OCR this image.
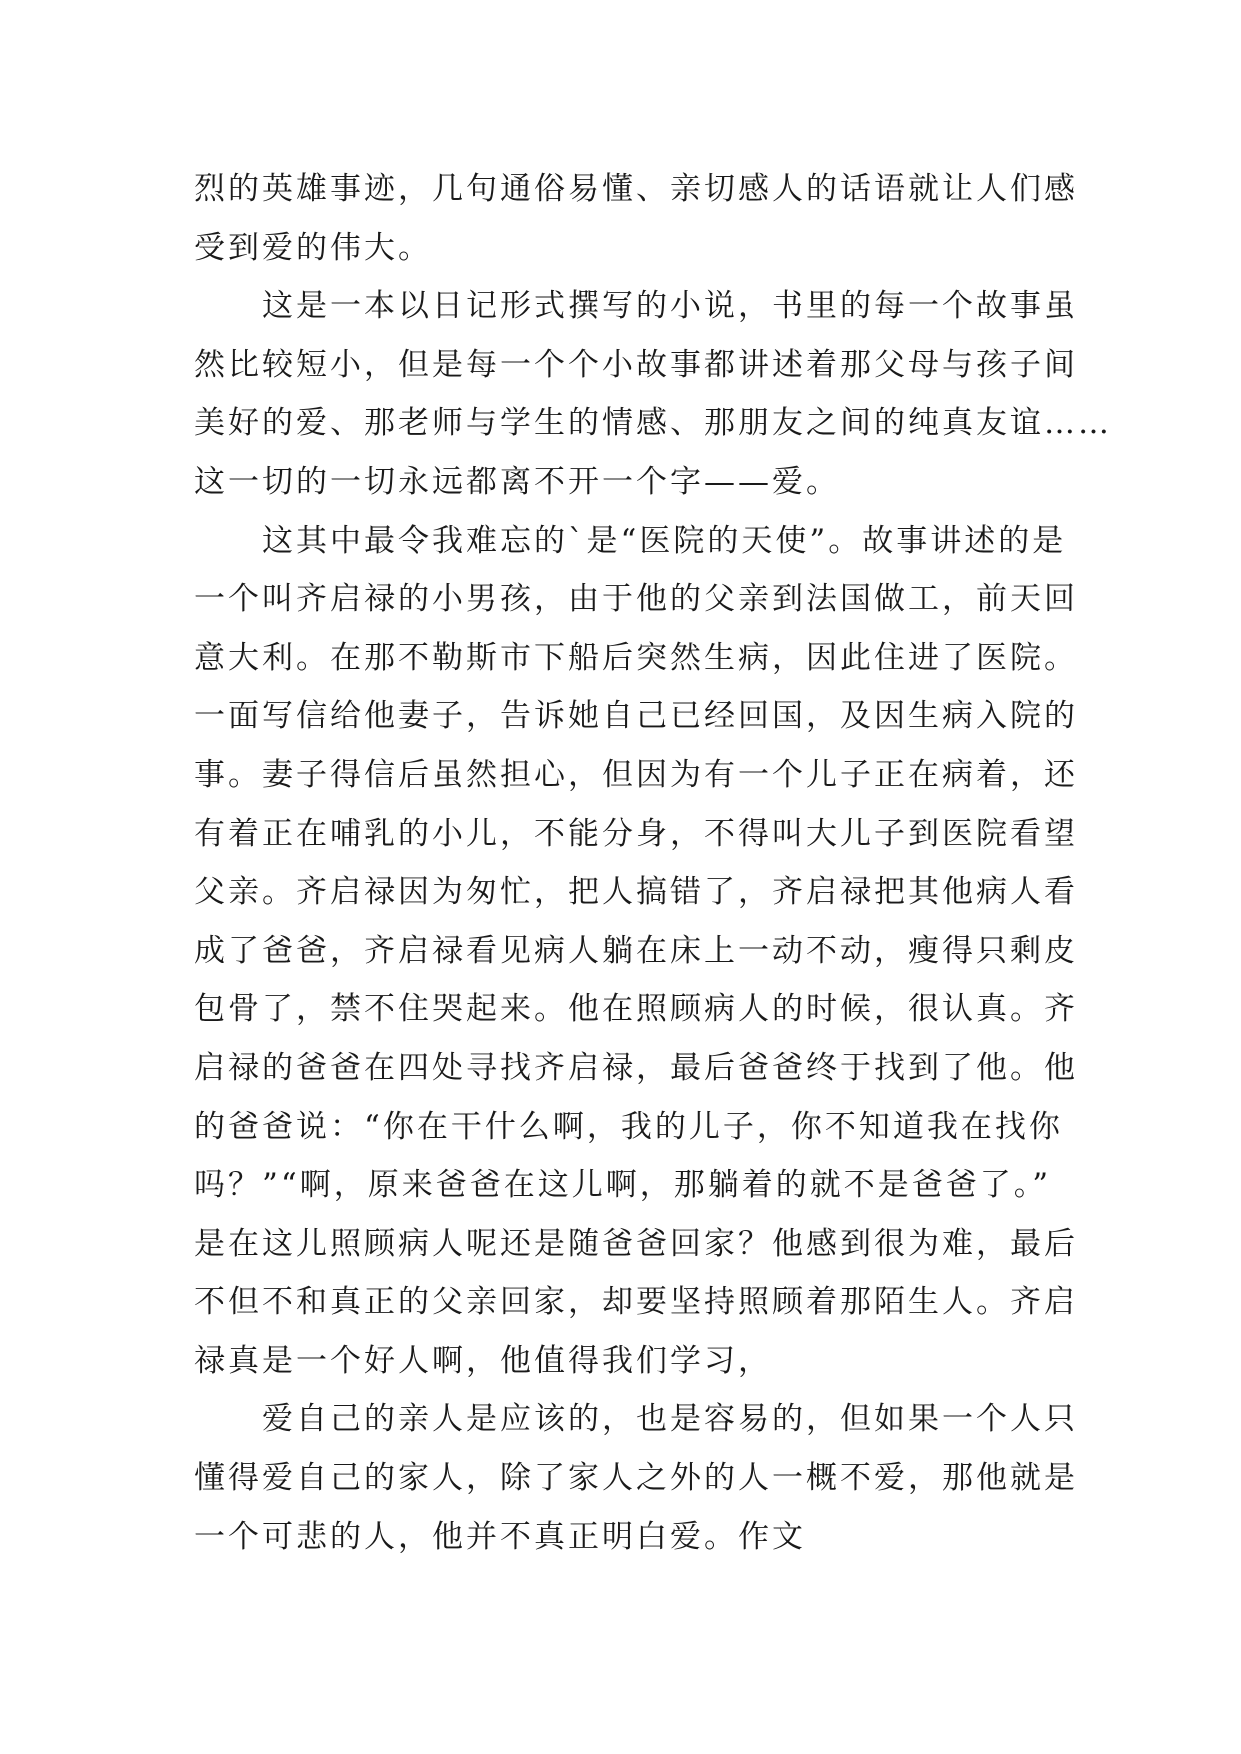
烈的英雄事迹，几句通俗易懂、亲切感人的话语就让人们感
受到爱的伟大。
这是一本以日记形式撰写的小说，书里的每一个故事虽
然比较短小，但是每一个个小故事都讲述着那父母与孩子间
美好的爱、那老师与学生的情感、那朋友之间的纯真友谊……
这一切的一切永远都离不开一个字——爱。
这其中最令我难忘的`是“医院的天使”。故事讲述的是
一个叫齐启禄的小男孩，由于他的父亲到法国做工，前天回
意大利。在那不勒斯市下船后突然生病，因此住进了医院。
一面写信给他妻子，告诉她自己已经回国，及因生病入院的
事。妻子得信后虽然担心，但因为有一个儿子正在病着，还
有着正在哺乳的小儿，不能分身，不得叫大儿子到医院看望
父亲。齐启禄因为匆忙，把人搞错了，齐启禄把其他病人看
成了爸爸，齐启禄看见病人躺在床上一动不动，瘦得只剩皮
包骨了，禁不住哭起来。他在照顾病人的时候，很认真。齐
启禄的爸爸在四处寻找齐启禄，最后爸爸终于找到了他。他
的爸爸说：“你在干什么啊，我的儿子，你不知道我在找你
吗？”“啊，原来爸爸在这儿啊，那躺着的就不是爸爸了。”
是在这儿照顾病人呢还是随爸爸回家？他感到很为难，最后
不但不和真正的父亲回家，却要坚持照顾着那陌生人。齐启
禄真是一个好人啊，他值得我们学习，
爱自己的亲人是应该的，也是容易的，但如果一个人只
懂得爱自己的家人，除了家人之外的人一概不爱，那他就是
一个可悲的人，他并不真正明白爱。作文
